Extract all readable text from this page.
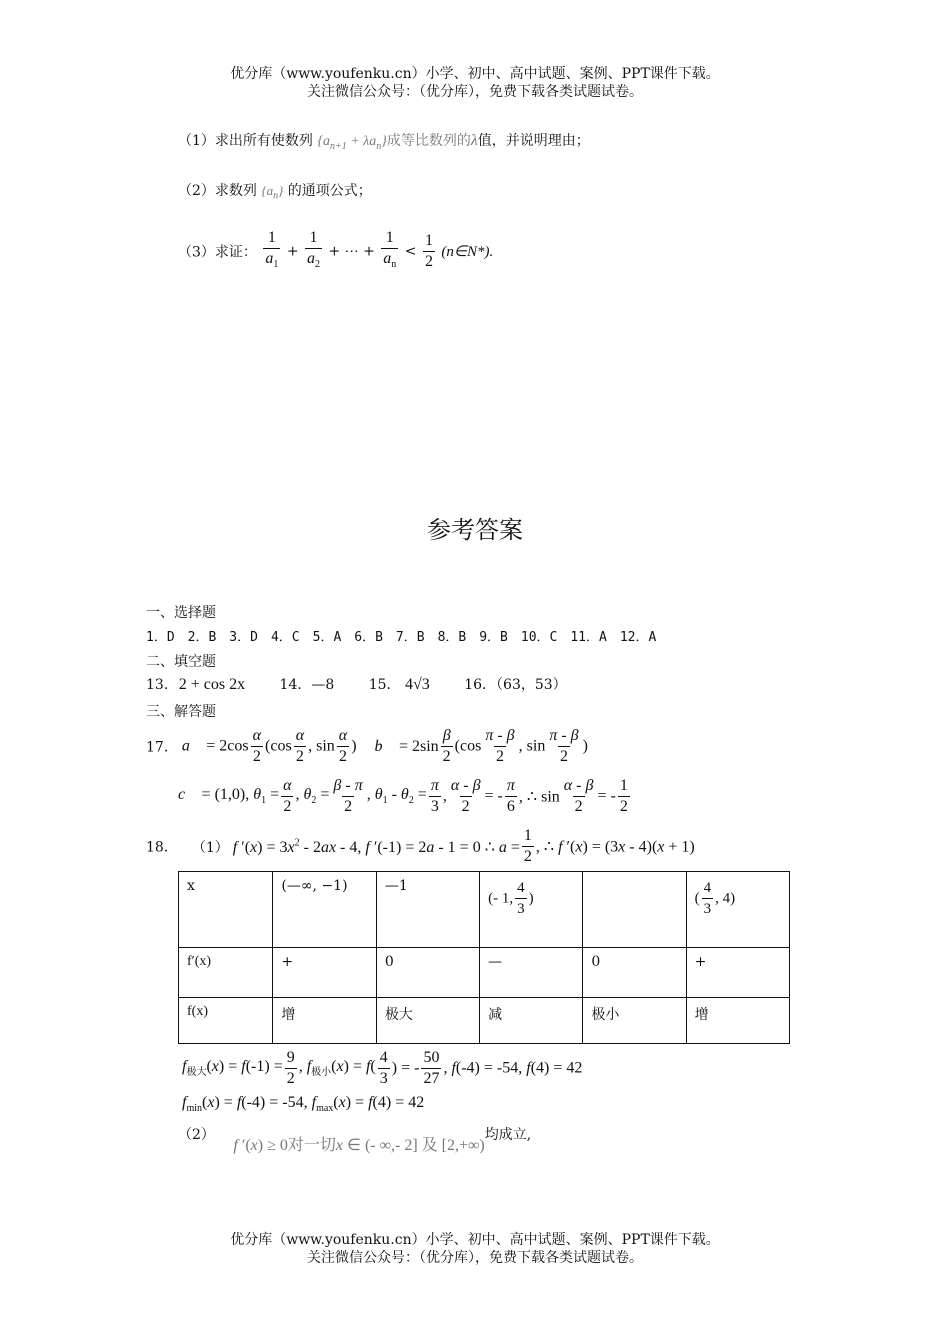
优分库（www.youfenku.cn）小学、初中、高中试题、案例、PPT课件下载。
关注微信公众号：（优分库），免费下载各类试题试卷。
（1）求出所有使数列 $\{a_{n+1} + \lambda a_n\}$成等比数列的λ值，并说明理由；
（2）求数列 $\{a_n\}$ 的通项公式；
（3）求证： $\frac{1}{a_1} + \frac{1}{a_2}$ + ⋯ + $\frac{1}{a_n} < \frac{1}{2}$ (n∈N*).
参考答案
一、选择题
1．D　2．B　3．D　4．C　5．A　6．B　7．B　8．B　9．B　10．C　11．A　12．A
二、填空题
13. 2 + cos 2x 14．—8 15． 4√3 16．（63，53）
三、解答题
17． a⃗ = $2\cos \frac{\alpha}{2} (\cos \frac{\alpha}{2}$ , $\sin \frac{\alpha}{2}$ ) b⃗ = $2\sin \frac{\beta}{2} (\cos \frac{\pi - \beta}{2}$ , $\sin \frac{\pi - \beta}{2}$ )
c⃗ = (1,0), $\theta_1 = \frac{\alpha}{2}$ , $\theta_2 = \frac{\beta - \pi}{2}$ , $\theta_1 - \theta_2 = \frac{\pi}{3}$ , $\frac{\alpha - \beta}{2}$ = - $\frac{\pi}{6}$ , ∴ $\sin \frac{\alpha - \beta}{2}$ = - $\frac{1}{2}$
18． （1） f $'(x) = 3x^2 - 2ax - 4$, f ′(-1) = 2a - 1 = 0 ∴ $a = \frac{1}{2}$ , ∴ f ′(x) = (3x - 4)(x + 1)
x	(—∞, −1)	—1	(- 1, $\frac{4}{3}$ )		( $\frac{4}{3}$ , 4)
f′(x)	+	0	—	0	+
f(x)	增	极大	减	极小	增
$f_{极大}(x) = f(-1) = \frac{9}{2}$ , $f_{极小}(x) = f( \frac{4}{3}$ ) = - $\frac{50}{27}$ , f(-4) = -54, f(4) = 42
$f_{min}(x) = f(-4) = -54$, $f_{max}(x) = f(4) = 42$
（2） f ′(x) ≥ 0对一切x ∈ (- ∞,- 2] 及 [2,+∞)均成立,
优分库（www.youfenku.cn）小学、初中、高中试题、案例、PPT课件下载。
关注微信公众号：（优分库），免费下载各类试题试卷。
